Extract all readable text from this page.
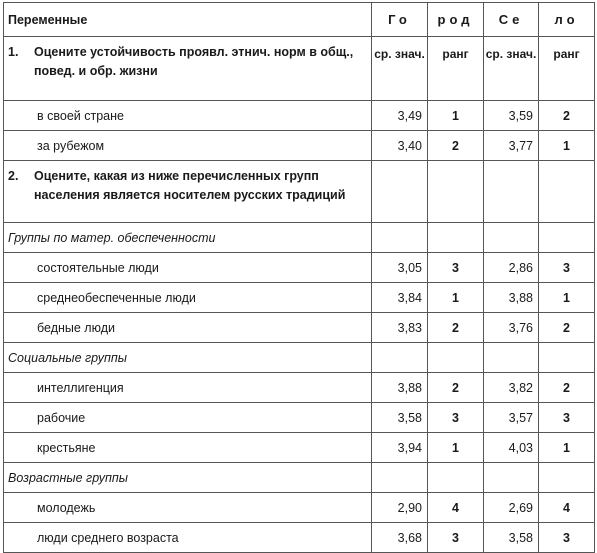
Переменные	Го	род	Се	ло
1. Оцените устойчивость проявл. этнич. норм в общ., повед. и обр. жизни	ср. знач.	ранг	ср. знач.	ранг
в своей стране	3,49	1	3,59	2
за рубежом	3,40	2	3,77	1
2. Оцените, какая из ниже перечисленных групп населения является носителем русских традиций				
Группы по матер. обеспеченности				
состоятельные люди	3,05	3	2,86	3
среднеобеспеченные люди	3,84	1	3,88	1
бедные люди	3,83	2	3,76	2
Социальные группы				
интеллигенция	3,88	2	3,82	2
рабочие	3,58	3	3,57	3
крестьяне	3,94	1	4,03	1
Возрастные группы				
молодежь	2,90	4	2,69	4
люди среднего возраста	3,68	3	3,58	3
